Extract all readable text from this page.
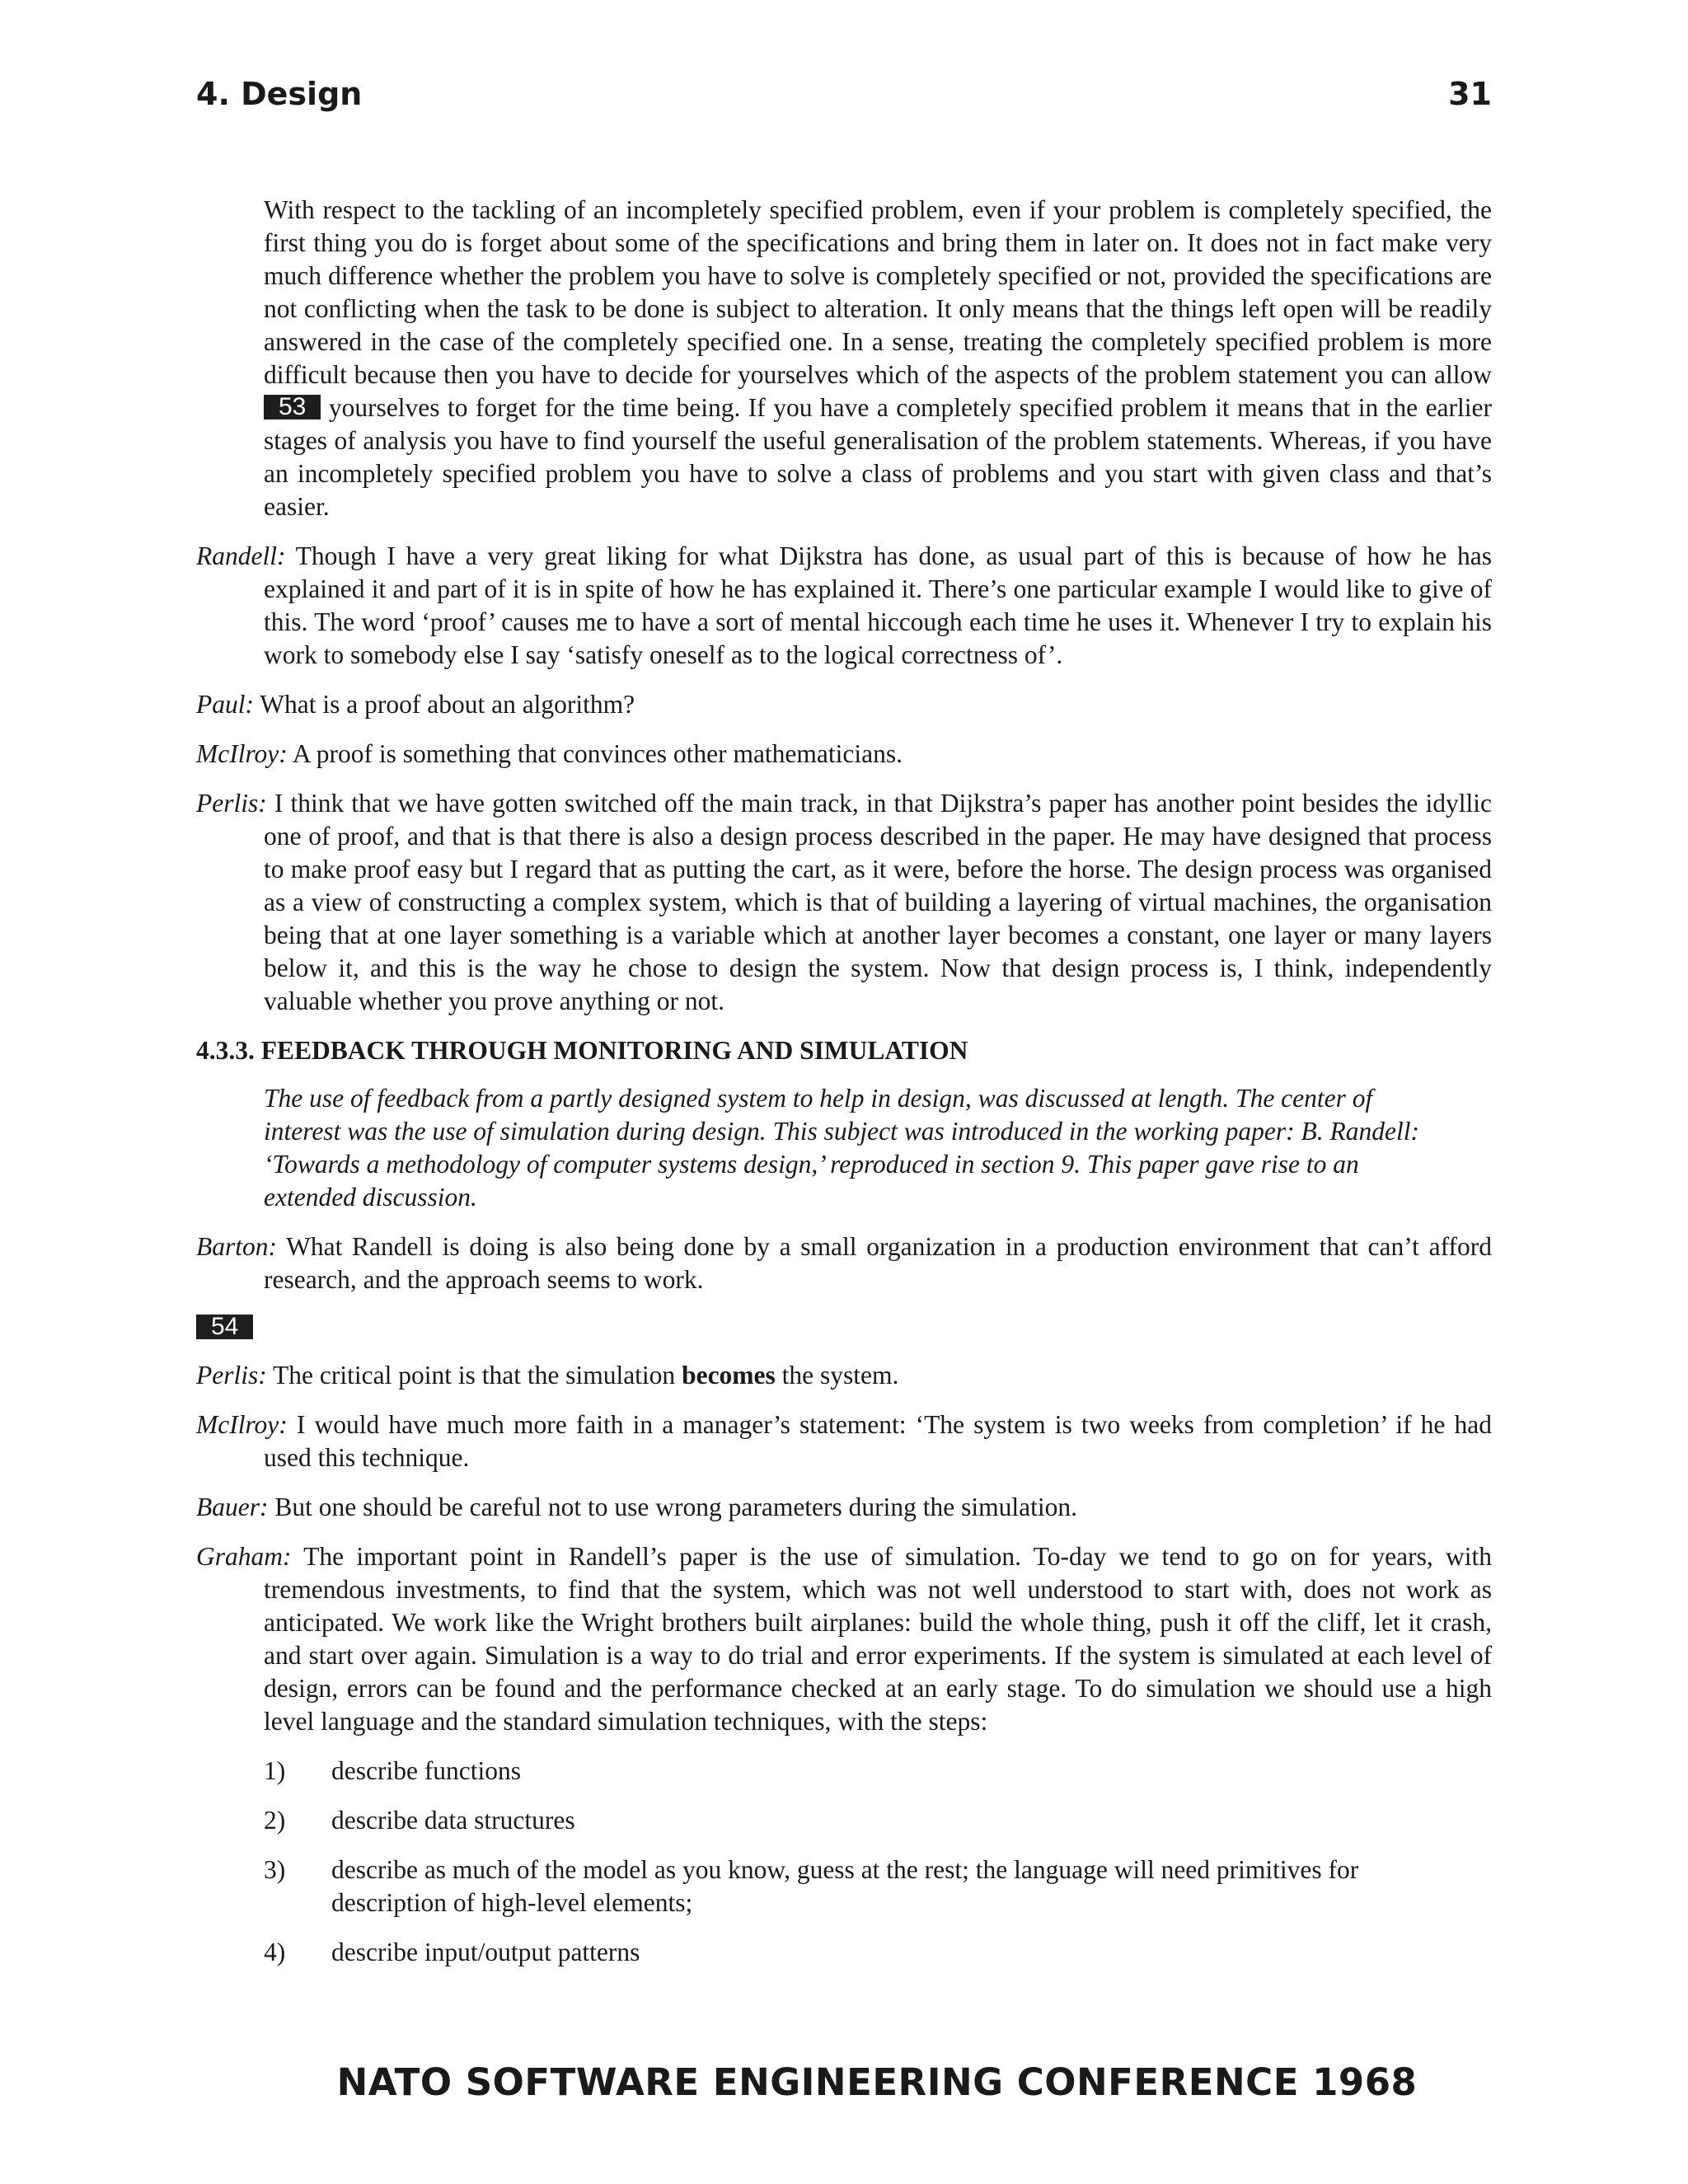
4. Design	31

With respect to the tackling of an incompletely specified problem, even if your problem is completely specified, the first thing you do is forget about some of the specifications and bring them in later on. It does not in fact make very much difference whether the problem you have to solve is completely specified or not, provided the specifications are not conflicting when the task to be done is subject to alteration. It only means that the things left open will be readily answered in the case of the completely specified one. In a sense, treating the completely specified problem is more difficult because then you have to decide for yourselves which of the aspects of the problem statement you can allow 53 yourselves to forget for the time being. If you have a completely specified problem it means that in the earlier stages of analysis you have to find yourself the useful generalisation of the problem statements. Whereas, if you have an incompletely specified problem you have to solve a class of problems and you start with given class and that’s easier.

Randell: Though I have a very great liking for what Dijkstra has done, as usual part of this is because of how he has explained it and part of it is in spite of how he has explained it. There’s one particular example I would like to give of this. The word ‘proof’ causes me to have a sort of mental hiccough each time he uses it. Whenever I try to explain his work to somebody else I say ‘satisfy oneself as to the logical correctness of’.

Paul: What is a proof about an algorithm?

McIlroy: A proof is something that convinces other mathematicians.

Perlis: I think that we have gotten switched off the main track, in that Dijkstra’s paper has another point besides the idyllic one of proof, and that is that there is also a design process described in the paper. He may have designed that process to make proof easy but I regard that as putting the cart, as it were, before the horse. The design process was organised as a view of constructing a complex system, which is that of building a layering of virtual machines, the organisation being that at one layer something is a variable which at another layer becomes a constant, one layer or many layers below it, and this is the way he chose to design the system. Now that design process is, I think, independently valuable whether you prove anything or not.

4.3.3. FEEDBACK THROUGH MONITORING AND SIMULATION

The use of feedback from a partly designed system to help in design, was discussed at length. The center of interest was the use of simulation during design. This subject was introduced in the working paper: B. Randell: ‘Towards a methodology of computer systems design,’ reproduced in section 9. This paper gave rise to an extended discussion.

Barton: What Randell is doing is also being done by a small organization in a production environment that can’t afford research, and the approach seems to work.

54

Perlis: The critical point is that the simulation becomes the system.

McIlroy: I would have much more faith in a manager’s statement: ‘The system is two weeks from completion’ if he had used this technique.

Bauer: But one should be careful not to use wrong parameters during the simulation.

Graham: The important point in Randell’s paper is the use of simulation. To-day we tend to go on for years, with tremendous investments, to find that the system, which was not well understood to start with, does not work as anticipated. We work like the Wright brothers built airplanes: build the whole thing, push it off the cliff, let it crash, and start over again. Simulation is a way to do trial and error experiments. If the system is simulated at each level of design, errors can be found and the performance checked at an early stage. To do simulation we should use a high level language and the standard simulation techniques, with the steps:

1) describe functions
2) describe data structures
3) describe as much of the model as you know, guess at the rest; the language will need primitives for description of high-level elements;
4) describe input/output patterns
NATO SOFTWARE ENGINEERING CONFERENCE 1968
